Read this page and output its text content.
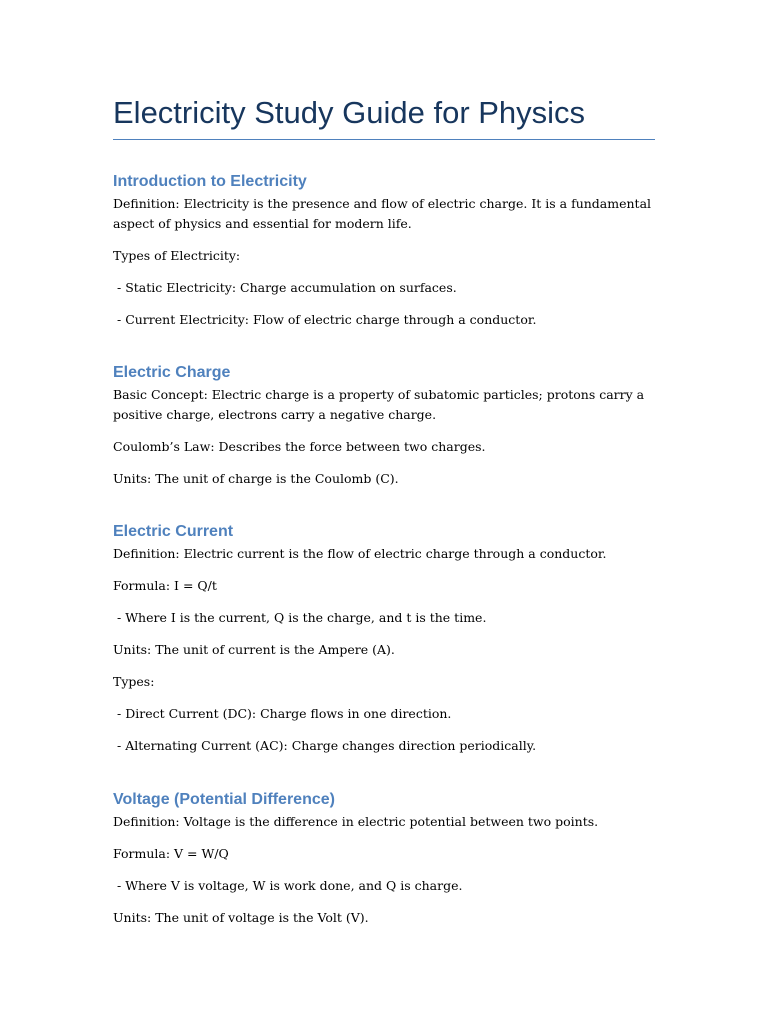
Electricity Study Guide for Physics
Introduction to Electricity

Definition: Electricity is the presence and flow of electric charge. It is a fundamental aspect of physics and essential for modern life.

Types of Electricity:

- Static Electricity: Charge accumulation on surfaces.

- Current Electricity: Flow of electric charge through a conductor.

Electric Charge

Basic Concept: Electric charge is a property of subatomic particles; protons carry a positive charge, electrons carry a negative charge.

Coulomb’s Law: Describes the force between two charges.

Units: The unit of charge is the Coulomb (C).

Electric Current

Definition: Electric current is the flow of electric charge through a conductor.

Formula: I = Q/t

- Where I is the current, Q is the charge, and t is the time.

Units: The unit of current is the Ampere (A).

Types:

- Direct Current (DC): Charge flows in one direction.

- Alternating Current (AC): Charge changes direction periodically.

Voltage (Potential Difference)

Definition: Voltage is the difference in electric potential between two points.

Formula: V = W/Q

- Where V is voltage, W is work done, and Q is charge.

Units: The unit of voltage is the Volt (V).
